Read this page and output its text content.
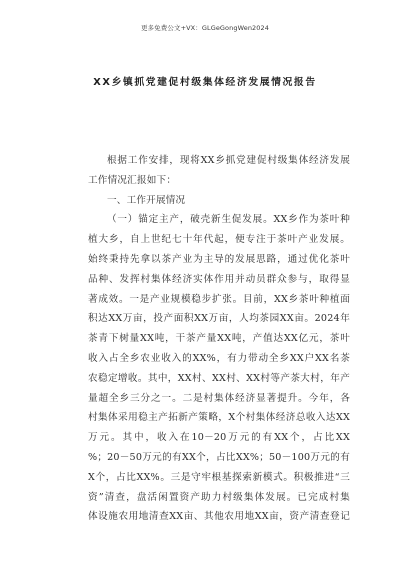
更多免费公文+VX：GLGeGongWen2024
XX乡镇抓党建促村级集体经济发展情况报告
根据工作安排，现将XX乡抓党建促村级集体经济发展
工作情况汇报如下：
一、工作开展情况
（一）锚定主产，破壳新生促发展。XX乡作为茶叶种
植大乡，自上世纪七十年代起，便专注于茶叶产业发展。
始终秉持先拿以茶产业为主导的发展思路，通过优化茶叶
品种、发挥村集体经济实体作用并动员群众参与，取得显
著成效。一是产业规模稳步扩张。目前，XX乡茶叶种植面
积达XX万亩，投产面积XX万亩，人均茶园XX亩。2024年
茶青下树量XX吨，干茶产量XX吨，产值达XX亿元，茶叶
收入占全乡农业收入的XX%，有力带动全乡XX户XX名茶
农稳定增收。其中，XX村、XX村、XX村等产茶大村，年产
量超全乡三分之一。二是村集体经济显著提升。今年，各
村集体采用稳主产拓新产策略，X个村集体经济总收入达XX
万元。其中，收入在10－20万元的有XX个，占比XX
%；20－50万元的有XX个，占比XX%；50－100万元的有
X个，占比XX%。三是守牢根基探索新模式。积极推进“三
资”清查，盘活闲置资产助力村级集体发展。已完成村集
体设施农用地清查XX亩、其他农用地XX亩，资产清查登记
